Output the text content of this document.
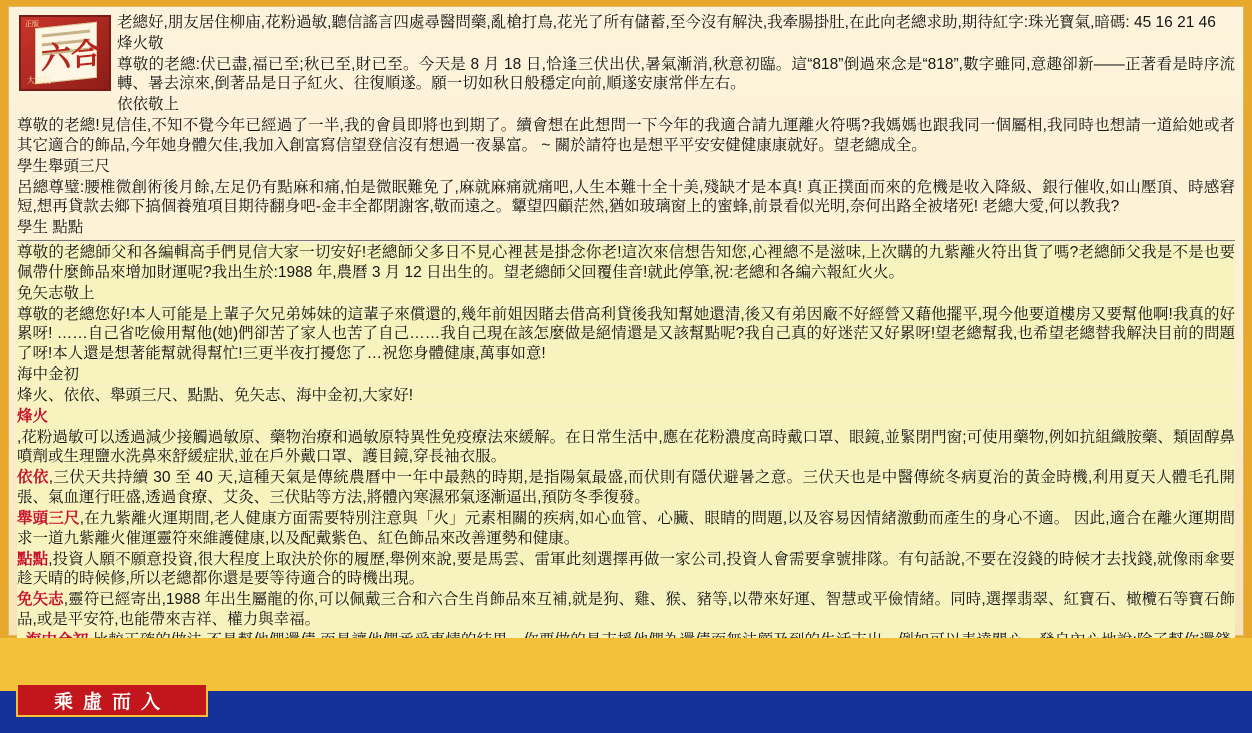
正版
六合
大富翁

老總好,朋友居住柳庙,花粉過敏,聽信謠言四處尋醫問藥,亂槍打鳥,花光了所有儲蓄,至今沒有解決,我牽腸掛肚,在此向老總求助,期待紅字:珠光寶氣,暗碼: 45 16 21 46

烽火敬

尊敬的老總:伏已盡,福已至;秋已至,財已至。今天是 8 月 18 日,恰逢三伏出伏,暑氣漸消,秋意初臨。這“818”倒過來念是“818”,數字雖同,意趣卻新——正著看是時序流轉、暑去涼來,倒著品是日子紅火、往復順遂。願一切如秋日般穩定向前,順遂安康常伴左右。

依依敬上

尊敬的老總!見信佳,不知不覺今年已經過了一半,我的會員即將也到期了。續會想在此想問一下今年的我適合請九運離火符嗎?我媽媽也跟我同一個屬相,我同時也想請一道給她或者其它適合的飾品,今年她身體欠佳,我加入創富寫信望登信沒有想過一夜暴富。 ~ 關於請符也是想平平安安健健康康就好。望老總成全。

學生舉頭三尺

呂總尊璧:腰椎微創術後月餘,左足仍有點麻和痛,怕是微眠難免了,麻就麻痛就痛吧,人生本難十全十美,殘缺才是本真! 真正撲面而來的危機是收入降級、銀行催收,如山壓頂、時感窘短,想再貸款去鄉下搞個養殖項目期待翻身吧-金丰全都閉謝客,敬而遠之。顰望四顧茫然,猶如玻璃窗上的蜜蜂,前景看似光明,奈何出路全被堵死! 老總大愛,何以教我?

學生 點點

尊敬的老總師父和各編輯高手們見信大家一切安好!老總師父多日不見心裡甚是掛念你老!這次來信想告知您,心裡總不是滋味,上次購的九紫離火符出貨了嗎?老總師父我是不是也要佩帶什麼飾品來增加財運呢?我出生於:1988 年,農曆 3 月 12 日出生的。望老總師父回覆佳音!就此停筆,祝:老總和各編六報紅火火。

免矢志敬上

尊敬的老總您好!本人可能是上輩子欠兄弟姊妹的這輩子來償還的,幾年前姐因賭去借高利貸後我知幫她還清,後又有弟因廠不好經營又藉他擺平,現今他要道樓房又要幫他啊!我真的好累呀! ……自己省吃儉用幫他(她)們卻苦了家人也苦了自己……我自己現在該怎麼做是絕情還是又該幫點呢?我自己真的好迷茫又好累呀!望老總幫我,也希望老總替我解決目前的問題了呀!本人還是想著能幫就得幫忙!三更半夜打擾您了…祝您身體健康,萬事如意!

海中金初

烽火、依依、舉頭三尺、點點、免矢志、海中金初,大家好!

烽火

,花粉過敏可以透過減少接觸過敏原、藥物治療和過敏原特異性免疫療法來緩解。在日常生活中,應在花粉濃度高時戴口罩、眼鏡,並緊閉門窗;可使用藥物,例如抗組織胺藥、類固醇鼻噴劑或生理鹽水洗鼻來舒緩症狀,並在戶外戴口罩、護目鏡,穿長袖衣服。

依依,三伏天共持續 30 至 40 天,這種天氣是傳統農曆中一年中最熱的時期,是指陽氣最盛,而伏則有隱伏避暑之意。三伏天也是中醫傳統冬病夏治的黃金時機,利用夏天人體毛孔開張、氣血運行旺盛,透過食療、艾灸、三伏貼等方法,將體內寒濕邪氣逐漸逼出,預防冬季復發。

舉頭三尺,在九紫離火運期間,老人健康方面需要特別注意與「火」元素相關的疾病,如心血管、心臟、眼睛的問題,以及容易因情緒激動而產生的身心不適。 因此,適合在離火運期間求一道九紫離火催運靈符來維護健康,以及配戴紫色、紅色飾品來改善運勢和健康。

點點,投資人願不願意投資,很大程度上取決於你的履歷,舉例來說,要是馬雲、雷軍此刻選擇再做一家公司,投資人會需要拿號排隊。有句話說,不要在沒錢的時候才去找錢,就像雨傘要趁天晴的時候修,所以老總都你還是要等待適合的時機出現。

免矢志,靈符已經寄出,1988 年出生屬龍的你,可以佩戴三合和六合生肖飾品來互補,就是狗、雞、猴、豬等,以帶來好運、智慧或平儉情緒。同時,選擇翡翠、紅寶石、橄欖石等寶石飾品,或是平安符,也能帶來吉祥、權力與幸福。

乘虛而入
